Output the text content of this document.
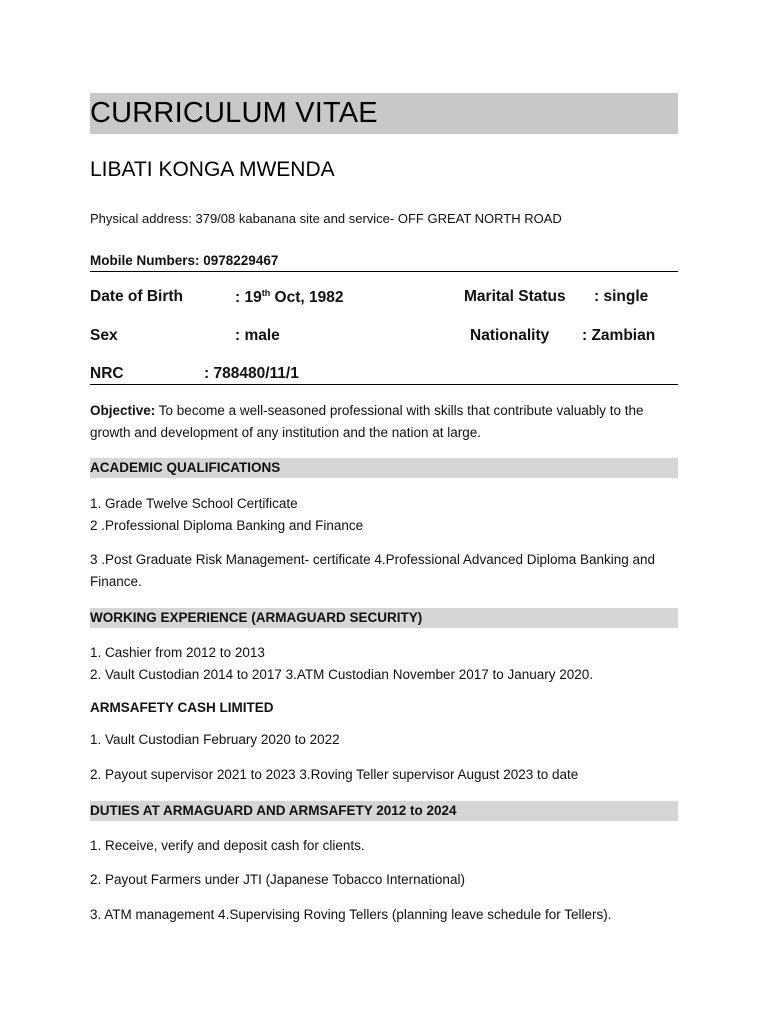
CURRICULUM VITAE
LIBATI KONGA MWENDA
Physical address: 379/08 kabanana site and service- OFF GREAT NORTH ROAD
Mobile Numbers: 0978229467
Date of Birth	: 19th Oct, 1982	Marital Status : single
Sex	: male	Nationality : Zambian
NRC	: 788480/11/1
Objective: To become a well-seasoned professional with skills that contribute valuably to the growth and development of any institution and the nation at large.
ACADEMIC QUALIFICATIONS
1. Grade Twelve School Certificate
2 .Professional Diploma Banking and Finance
3 .Post Graduate Risk Management- certificate 4.Professional Advanced Diploma Banking and Finance.
WORKING EXPERIENCE (ARMAGUARD SECURITY)
1. Cashier from 2012 to 2013
2. Vault Custodian 2014 to 2017 3.ATM Custodian November 2017 to January 2020.
ARMSAFETY CASH LIMITED
1. Vault Custodian February 2020 to 2022
2. Payout supervisor 2021 to 2023 3.Roving Teller supervisor August 2023 to date
DUTIES AT ARMAGUARD AND ARMSAFETY 2012 to 2024
1. Receive, verify and deposit cash for clients.
2. Payout Farmers under JTI (Japanese Tobacco International)
3. ATM management 4.Supervising Roving Tellers (planning leave schedule for Tellers).
